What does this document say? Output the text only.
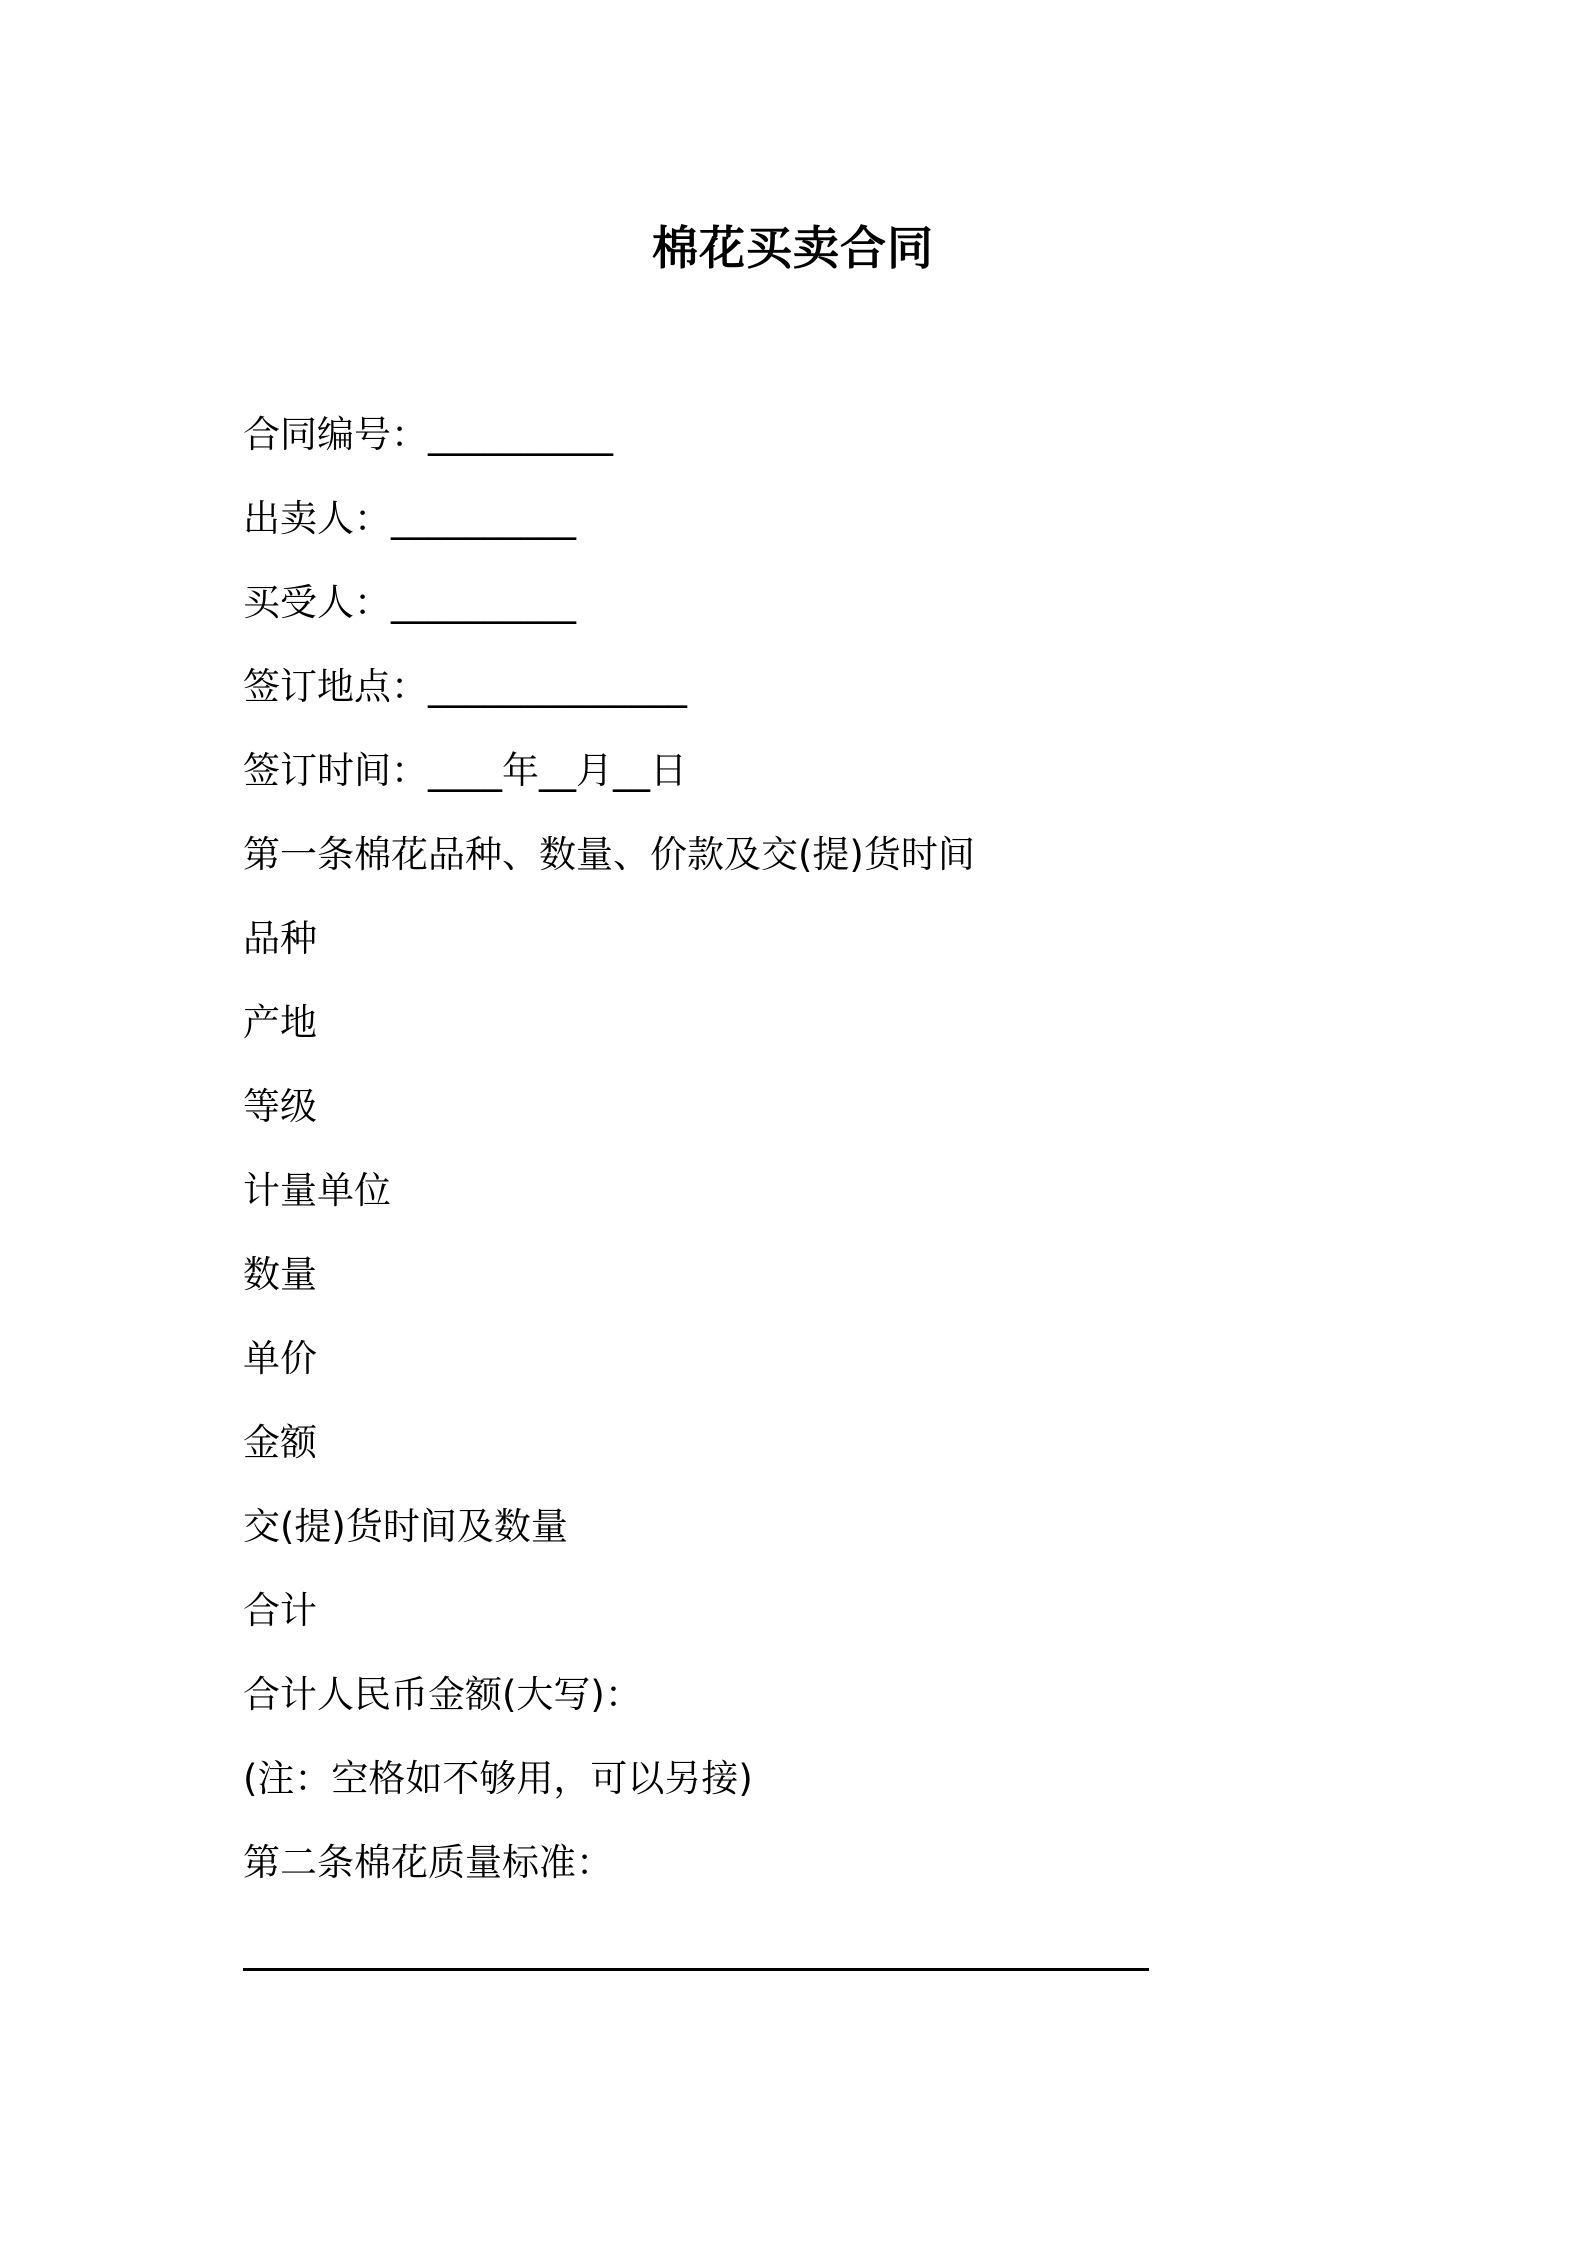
棉花买卖合同
合同编号：__________
出卖人：__________
买受人：__________
签订地点：______________
签订时间：____年__月__日
第一条棉花品种、数量、价款及交(提)货时间
品种
产地
等级
计量单位
数量
单价
金额
交(提)货时间及数量
合计
合计人民币金额(大写)：
(注：空格如不够用，可以另接)
第二条棉花质量标准：
